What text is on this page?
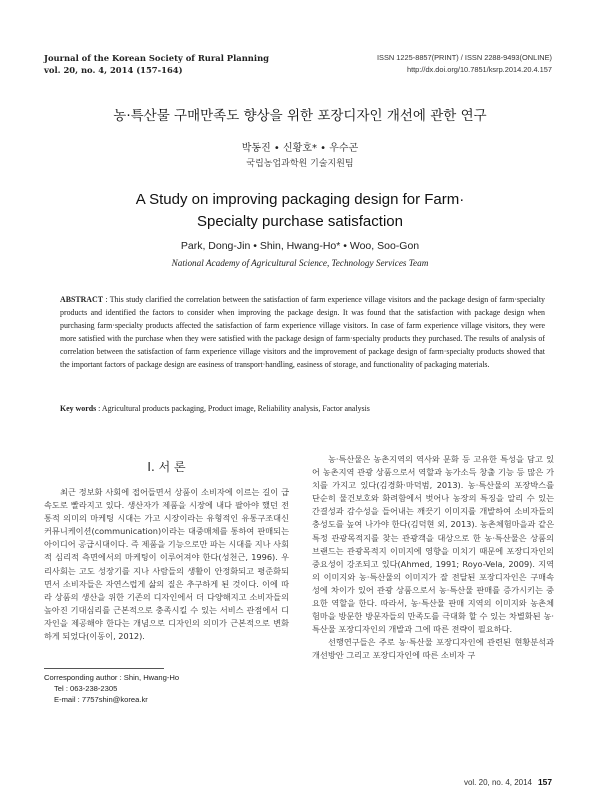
Journal of the Korean Society of Rural Planning
vol. 20, no. 4, 2014 (157-164)
ISSN 1225-8857(PRINT) / ISSN 2288-9493(ONLINE)
http://dx.doi.org/10.7851/ksrp.2014.20.4.157
농·특산물 구매만족도 향상을 위한 포장디자인 개선에 관한 연구
박동진 • 신황호* • 우수곤
국립농업과학원 기술지원팀
A Study on improving packaging design for Farm·
Specialty purchase satisfaction
Park, Dong-Jin • Shin, Hwang-Ho* • Woo, Soo-Gon
National Academy of Agricultural Science, Technology Services Team
ABSTRACT : This study clarified the correlation between the satisfaction of farm experience village visitors and the package design of farm·specialty products and identified the factors to consider when improving the package design. It was found that the satisfaction with package design when purchasing farm·specialty products affected the satisfaction of farm experience village visitors. In case of farm experience village visitors, they were more satisfied with the purchase when they were satisfied with the package design of farm·specialty products they purchased. The results of analysis of correlation between the satisfaction of farm experience village visitors and the improvement of package design of farm·specialty products showed that the important factors of package design are easiness of transport·handling, easiness of storage, and functionality of packaging materials.
Key words : Agricultural products packaging, Product image, Reliability analysis, Factor analysis
Ⅰ. 서 론

최근 정보화 사회에 접어들면서 상품이 소비자에 이르는 길이 급속도로 빨라지고 있다. 생산자가 제품을 시장에 내다 팔아야 했던 전통적 의미의 마케팅 시대는 가고 시장이라는 유형적인 유통구조대신 커뮤니케이션(communication)이라는 대중매체를 통하여 판매되는 아이디어 공급시대이다. 즉 제품을 기능으로만 파는 시대를 지나 사회적 심리적 측면에서의 마케팅이 이루어져야 한다(성천근, 1996). 우리사회는 고도 성장기를 지나 사람들의 생활이 안정화되고 평준화되면서 소비자들은 자연스럽게 삶의 질은 추구하게 된 것이다. 이에 따라 상품의 생산을 위한 기존의 디자인에서 더 다양해지고 소비자들의 높아진 기대심리를 근본적으로 충족시킬 수 있는 서비스 관점에서 디자인을 제공해야 한다는 개념으로 디자인의 의미가 근본적으로 변화하게 되었다(이동이, 2012).

농·특산물은 농촌지역의 역사와 문화 등 고유한 특성을 담고 있어 농촌지역 관광 상품으로서 역할과 농가소득 창출 기능 등 많은 가치를 가지고 있다(김경화·마덕범, 2013). 농·특산물의 포장박스를 단순히 물건보호와 화려함에서 벗어나 농장의 특징을 알리 수 있는 간결성과 감수성을 들어내는 깨끗기 이미지를 개발하여 소비자들의 충성도를 높여 나가야 한다(김덕현 외, 2013). 농촌체험마을과 같은 특정 관광목적지를 찾는 관광객을 대상으로 한 농·특산물은 상품의 브랜드는 관광목적지 이미지에 영향을 미치기 때문에 포장디자인의 중요성이 강조되고 있다(Ahmed, 1991; Royo-Vela, 2009). 지역의 이미지와 농·특산물의 이미지가 잘 전달된 포장디자인은 구매속성에 차이가 있어 관광 상품으로서 농·특산물 판매를 증가시키는 중요한 역할을 한다. 따라서, 농·특산물 판매 지역의 이미지와 농촌체험마을 방문한 방문자들의 만족도를 극대화 할 수 있는 차별화된 농·특산물 포장디자인의 개발과 그에 따른 전략이 필요하다.

선행연구들은 주로 농·특산물 포장디자인에 관련된 현황분석과 개선방안 그리고 포장디자인에 따른 소비자 구

Corresponding author : Shin, Hwang-Ho
Tel : 063-238-2305
E-mail : 7757shin@korea.kr
vol. 20, no. 4, 2014 157
